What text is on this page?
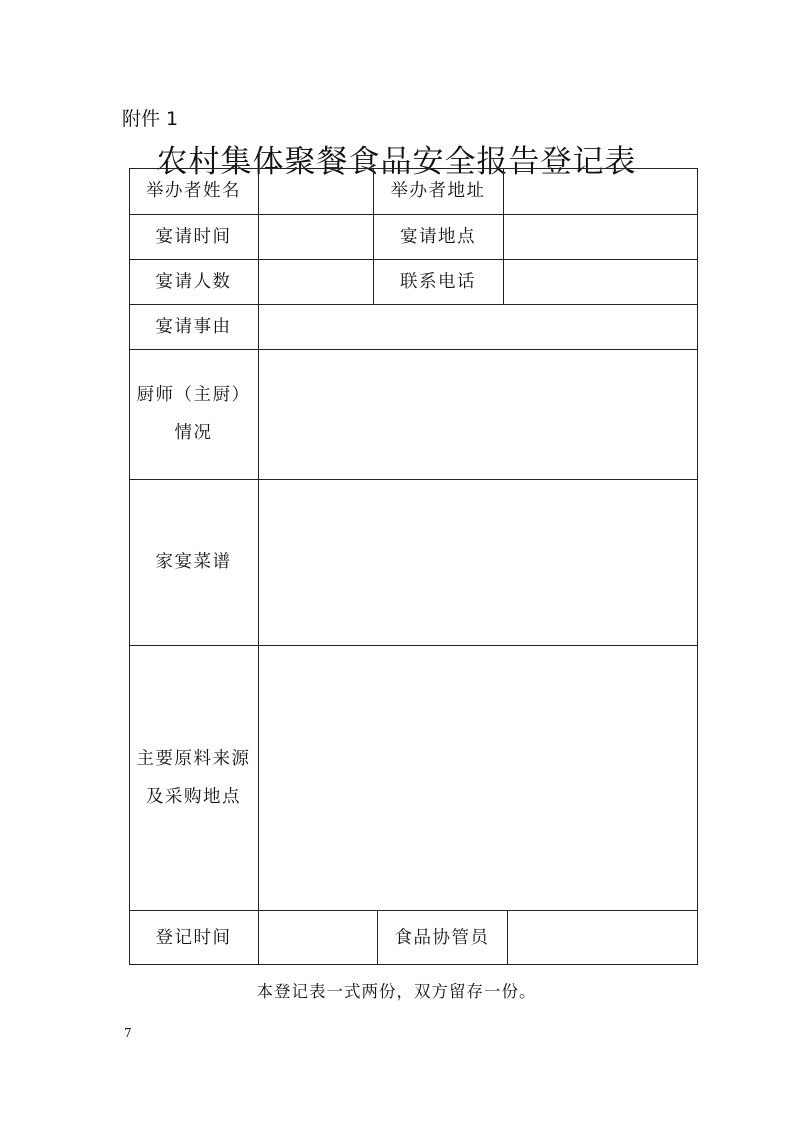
附件 1
农村集体聚餐食品安全报告登记表
举办者姓名	举办者地址
宴请时间	宴请地点
宴请人数	联系电话
宴请事由
厨师（主厨）
情况
家宴菜谱
主要原料来源
及采购地点
登记时间	食品协管员
本登记表一式两份，双方留存一份。
7
